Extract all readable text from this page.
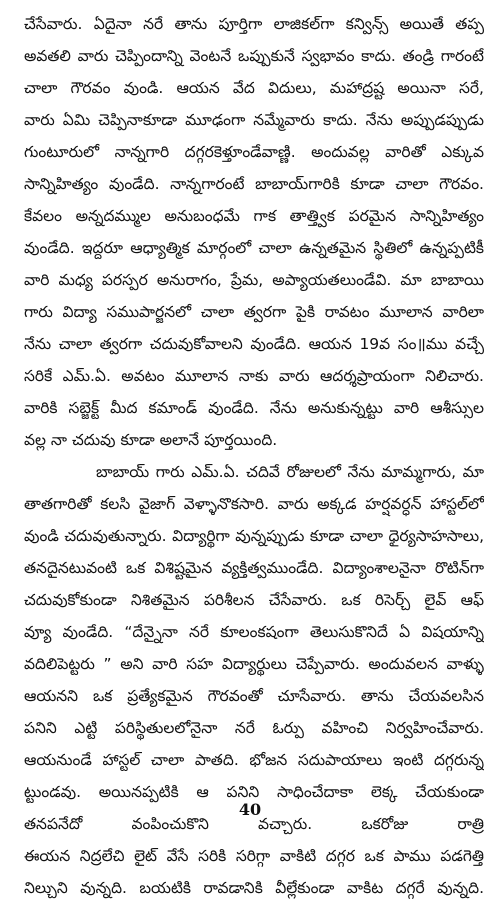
చేసేవారు. ఏదైనా నరే తాను పూర్తిగా లాజికల్‌గా కన్విన్స్ అయితే తప్ప
అవతలి వారు చెప్పిందాన్ని వెంటనే ఒప్పుకునే స్వభావం కాదు. తండ్రి గారంటే
చాలా గౌరవం వుండి. ఆయన వేద విదులు, మహాద్రష్ట అయినా సరే,
వారు ఏమి చెప్పినాకూడా మూఢంగా నమ్మేవారు కాదు. నేను అప్పుడప్పుడు
గుంటూరులో నాన్నగారి దగ్గరకెళ్తూండేవాణ్ణి. అందువల్ల వారితో ఎక్కువ
సాన్నిహిత్యం వుండేది. నాన్నగారంటే బాబాయ్‌గారికి కూడా చాలా గౌరవం.
కేవలం అన్నదమ్ముల అనుబంధమే గాక తాత్త్విక పరమైన సాన్నిహిత్యం
వుండేది. ఇద్దరూ ఆధ్యాత్మిక మార్గంలో చాలా ఉన్నతమైన స్థితిలో ఉన్నప్పటికీ
వారి మధ్య పరస్పర అనురాగం, ప్రేమ, అప్యాయతలుండేవి. మా బాబాయి
గారు విద్యా సముపార్జనలో చాలా త్వరగా పైకి రావటం మూలాన వారిలా
నేను చాలా త్వరగా చదువుకోవాలని వుండేది. ఆయన 19వ సం॥ము వచ్చే
సరికే ఎమ్.ఏ. అవటం మూలాన నాకు వారు ఆదర్శప్రాయంగా నిలిచారు.
వారికి సబ్జెక్ట్ మీద కమాండ్ వుండేది. నేను అనుకున్నట్టు వారి ఆశీస్సుల
వల్ల నా చదువు కూడా అలానే పూర్తయింది.
బాబాయ్ గారు ఎమ్.ఏ. చదివే రోజులలో నేను మామ్మగారు, మా
తాతగారితో కలసి వైజాగ్ వెళ్ళానొకసారి. వారు అక్కడ హర్షవర్ధన్ హాస్టల్‌లో
వుండి చదువుతున్నారు. విద్యార్థిగా వున్నప్పుడు కూడా చాలా ధైర్యసాహసాలు,
తనదైనటువంటి ఒక విశిష్టమైన వ్యక్తిత్వముండేది. విద్యాంశాలనైనా రొటిన్‌గా
చదువుకోకుండా నిశితమైన పరిశీలన చేసేవారు. ఒక రిసెర్చ్ లైవ్ ఆఫ్
వ్యూ వుండేది. “దేన్నైనా నరే కూలంకషంగా తెలుసుకొనిదే ఏ విషయాన్ని
వదిలిపెట్టరు ” అని వారి సహ విద్యార్థులు చెప్పేవారు. అందువలన వాళ్ళు
ఆయనని ఒక ప్రత్యేకమైన గౌరవంతో చూసేవారు. తాను చేయవలసిన
పనిని ఎట్టి పరిస్థితులలోనైనా నరే ఓర్పు వహించి నిర్వహించేవారు.
ఆయనుండే హాస్టల్ చాలా పాతది. భోజన సదుపాయాలు ఇంటి దగ్గరున్న
ట్టుండవు. అయినప్పటికి ఆ పనిని సాధించేదాకా లెక్క చేయకుండా
తనపనేదో వంపించుకొని వచ్చారు. ఒకరోజు రాత్రి
ఈయన నిద్రలేచి లైట్ వేసే సరికి సరిగ్గా వాకిటి దగ్గర ఒక పాము పడగెత్తి
నిల్చుని వున్నది. బయటికి రావడానికి వీల్లేకుండా వాకిట దగ్గరే వున్నది.
40
